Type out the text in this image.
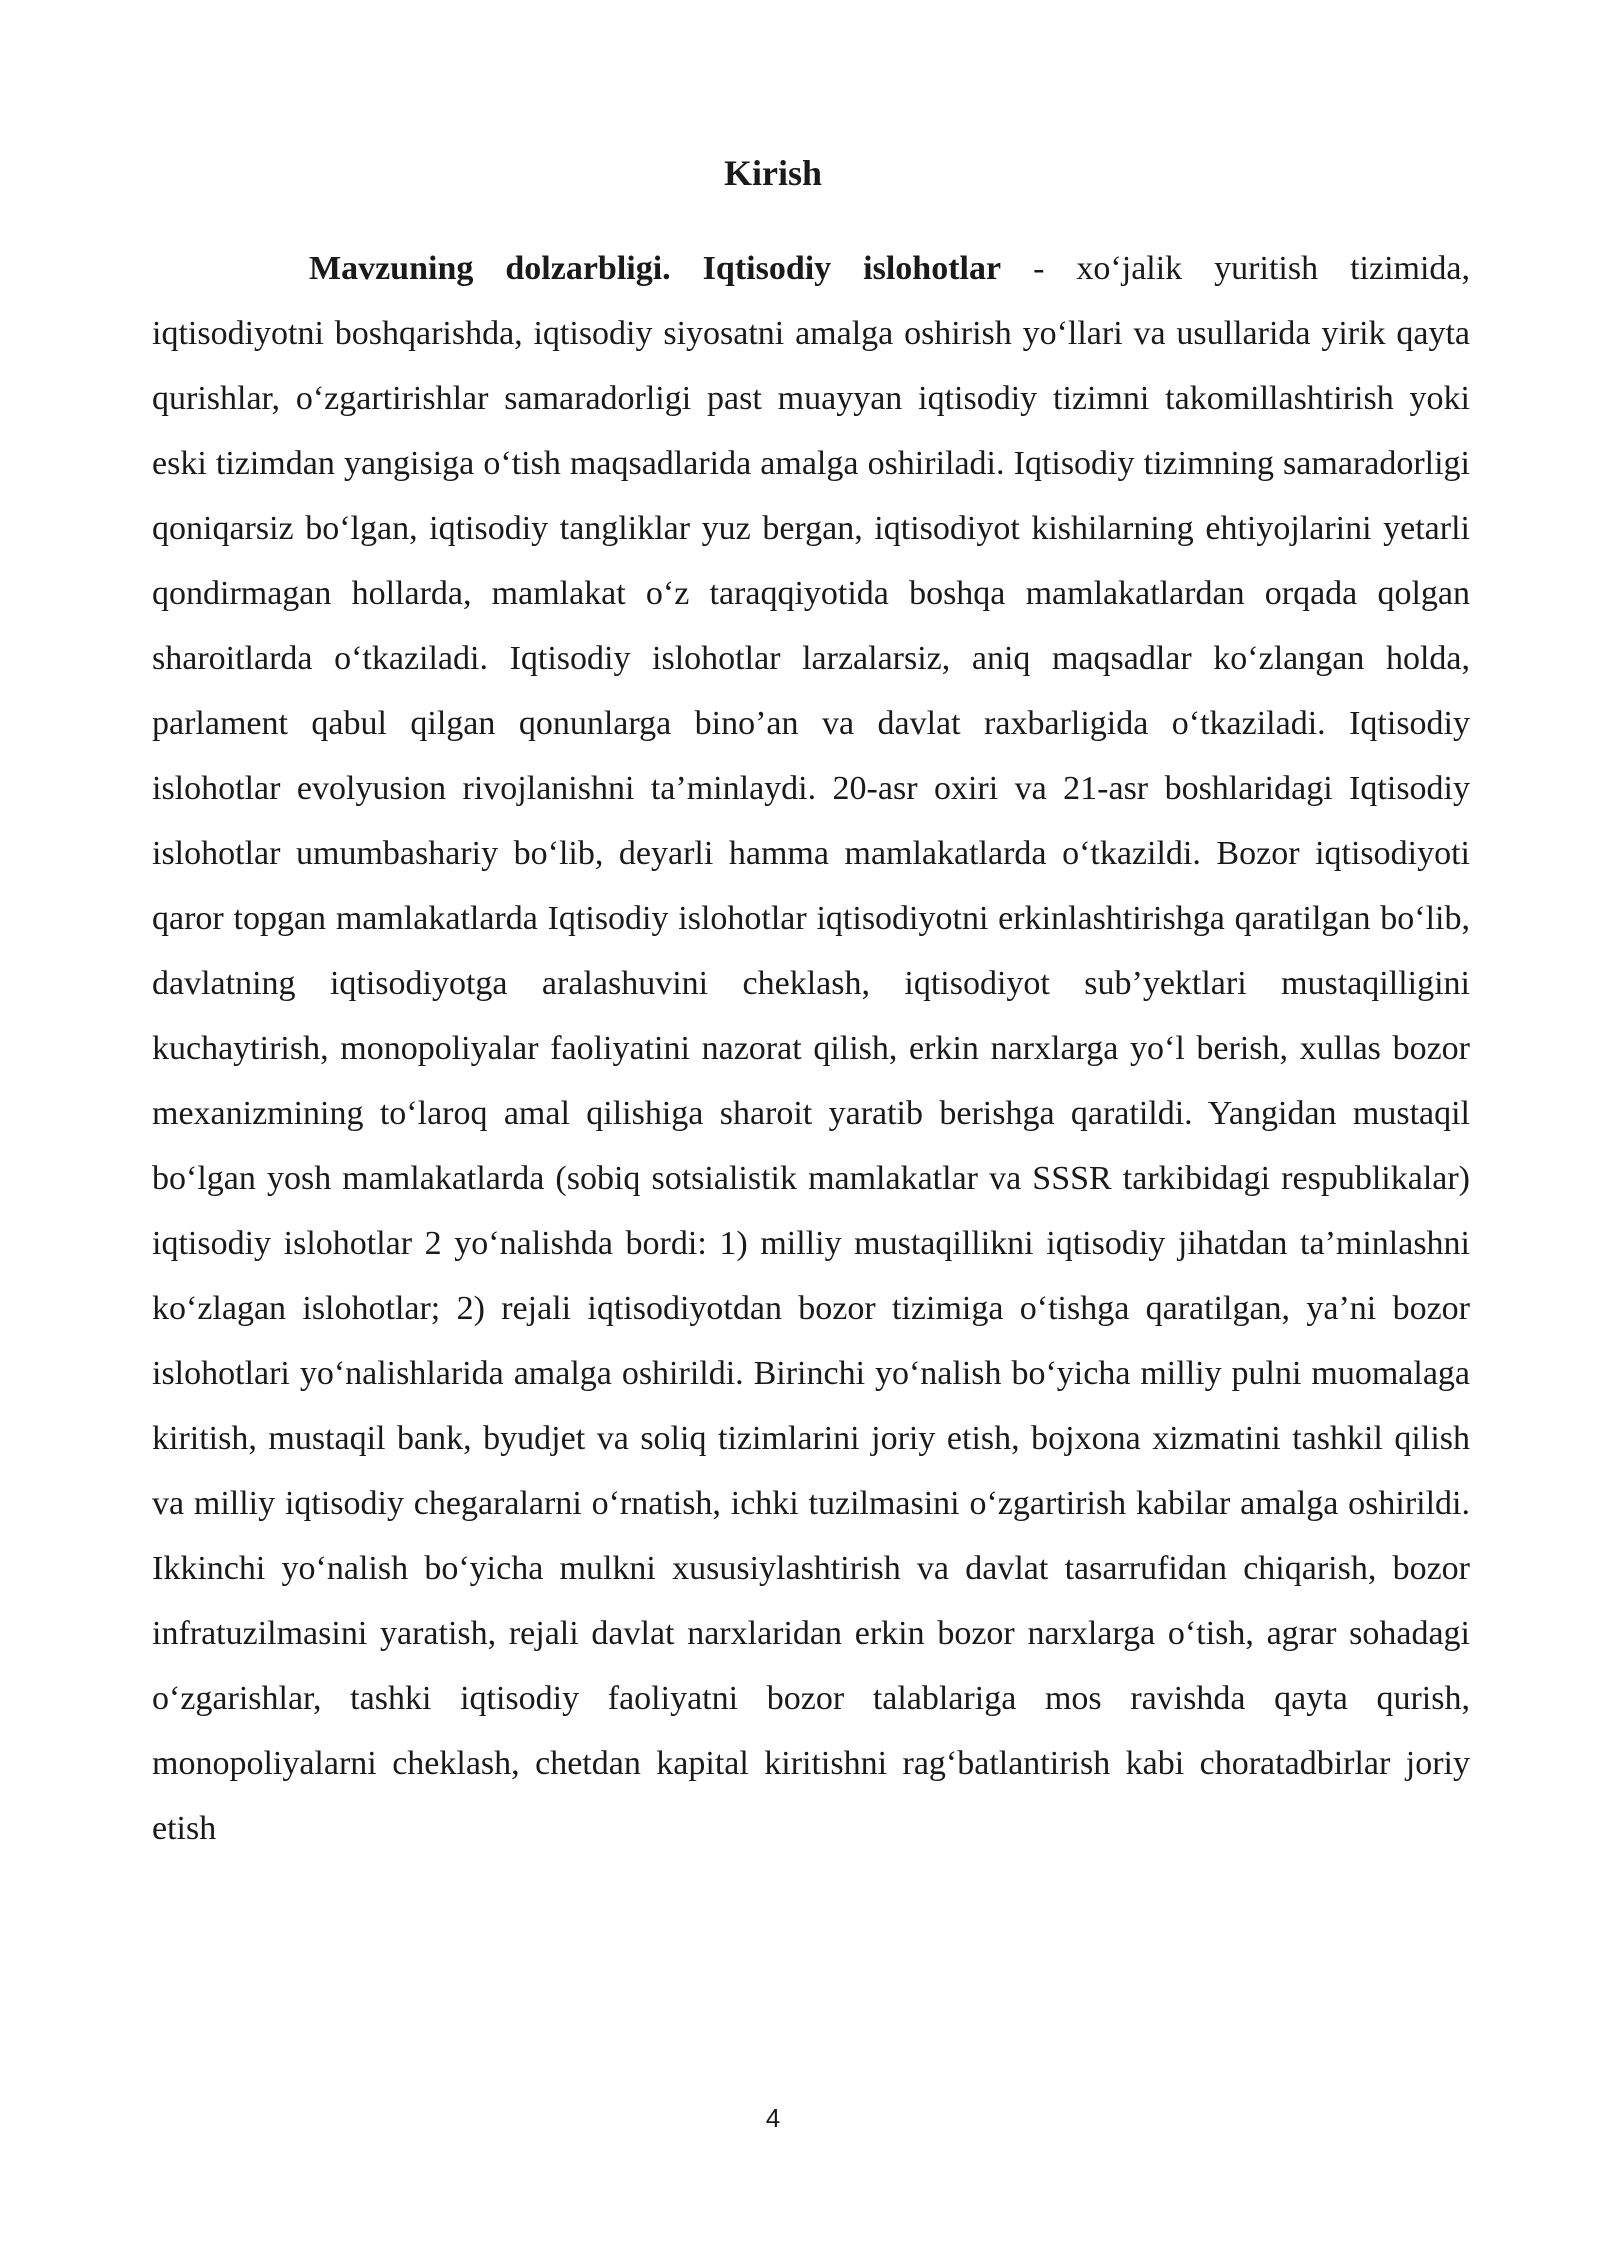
Kirish

Mavzuning dolzarbligi. Iqtisodiy islohotlar - xo‘jalik yuritish tizimida, iqtisodiyotni boshqarishda, iqtisodiy siyosatni amalga oshirish yo‘llari va usullarida yirik qayta qurishlar, o‘zgartirishlar samaradorligi past muayyan iqtisodiy tizimni takomillashtirish yoki eski tizimdan yangisiga o‘tish maqsadlarida amalga oshiriladi. Iqtisodiy tizimning samaradorligi qoniqarsiz bo‘lgan, iqtisodiy tangliklar yuz bergan, iqtisodiyot kishilarning ehtiyojlarini yetarli qondirmagan hollarda, mamlakat o‘z taraqqiyotida boshqa mamlakatlardan orqada qolgan sharoitlarda o‘tkaziladi. Iqtisodiy islohotlar larzalarsiz, aniq maqsadlar ko‘zlangan holda, parlament qabul qilgan qonunlarga bino’an va davlat raxbarligida o‘tkaziladi. Iqtisodiy islohotlar evolyusion rivojlanishni ta’minlaydi. 20-asr oxiri va 21-asr boshlaridagi Iqtisodiy islohotlar umumbashariy bo‘lib, deyarli hamma mamlakatlarda o‘tkazildi. Bozor iqtisodiyoti qaror topgan mamlakatlarda Iqtisodiy islohotlar iqtisodiyotni erkinlashtirishga qaratilgan bo‘lib, davlatning iqtisodiyotga aralashuvini cheklash, iqtisodiyot sub’yektlari mustaqilligini kuchaytirish, monopoliyalar faoliyatini nazorat qilish, erkin narxlarga yo‘l berish, xullas bozor mexanizmining to‘laroq amal qilishiga sharoit yaratib berishga qaratildi. Yangidan mustaqil bo‘lgan yosh mamlakatlarda (sobiq sotsialistik mamlakatlar va SSSR tarkibidagi respublikalar) iqtisodiy islohotlar 2 yo‘nalishda bordi: 1) milliy mustaqillikni iqtisodiy jihatdan ta’minlashni ko‘zlagan islohotlar; 2) rejali iqtisodiyotdan bozor tizimiga o‘tishga qaratilgan, ya’ni bozor islohotlari yo‘nalishlarida amalga oshirildi. Birinchi yo‘nalish bo‘yicha milliy pulni muomalaga kiritish, mustaqil bank, byudjet va soliq tizimlarini joriy etish, bojxona xizmatini tashkil qilish va milliy iqtisodiy chegaralarni o‘rnatish, ichki tuzilmasini o‘zgartirish kabilar amalga oshirildi. Ikkinchi yo‘nalish bo‘yicha mulkni xususiylashtirish va davlat tasarrufidan chiqarish, bozor infratuzilmasini yaratish, rejali davlat narxlaridan erkin bozor narxlarga o‘tish, agrar sohadagi o‘zgarishlar, tashki iqtisodiy faoliyatni bozor talablariga mos ravishda qayta qurish, monopoliyalarni cheklash, chetdan kapital kiritishni rag‘batlantirish kabi choratadbirlar joriy etish

4
